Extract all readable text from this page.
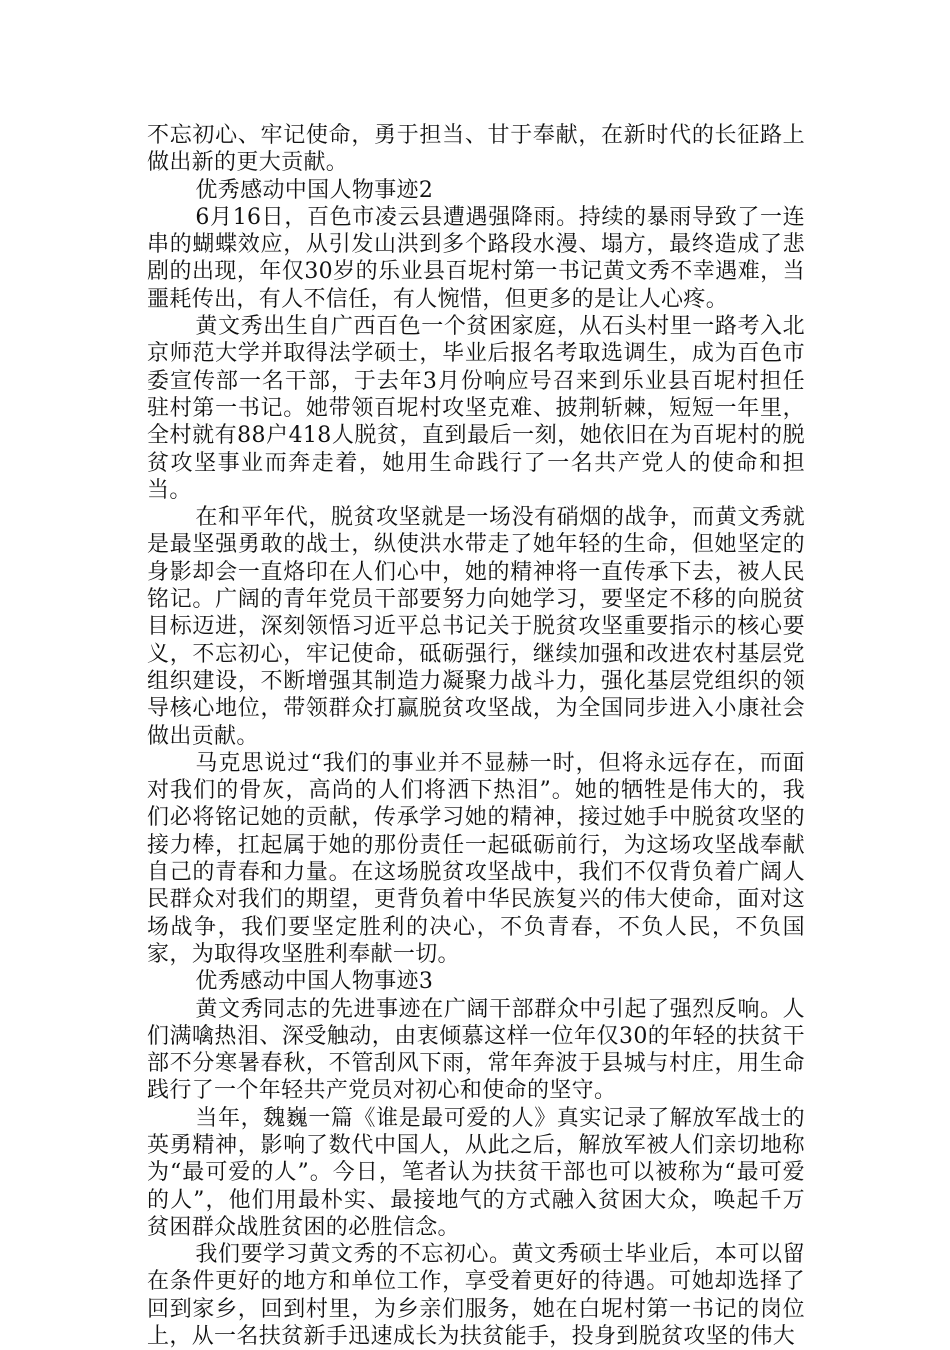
不忘初心、牢记使命，勇于担当、甘于奉献，在新时代的长征路上做出新的更大贡献。

优秀感动中国人物事迹2

6月16日，百色市凌云县遭遇强降雨。持续的暴雨导致了一连串的蝴蝶效应，从引发山洪到多个路段水漫、塌方，最终造成了悲剧的出现，年仅30岁的乐业县百坭村第一书记黄文秀不幸遇难，当噩耗传出，有人不信任，有人惋惜，但更多的是让人心疼。

黄文秀出生自广西百色一个贫困家庭，从石头村里一路考入北京师范大学并取得法学硕士，毕业后报名考取选调生，成为百色市委宣传部一名干部，于去年3月份响应号召来到乐业县百坭村担任驻村第一书记。她带领百坭村攻坚克难、披荆斩棘，短短一年里，全村就有88户418人脱贫，直到最后一刻，她依旧在为百坭村的脱贫攻坚事业而奔走着，她用生命践行了一名共产党人的使命和担当。

在和平年代，脱贫攻坚就是一场没有硝烟的战争，而黄文秀就是最坚强勇敢的战士，纵使洪水带走了她年轻的生命，但她坚定的身影却会一直烙印在人们心中，她的精神将一直传承下去，被人民铭记。广阔的青年党员干部要努力向她学习，要坚定不移的向脱贫目标迈进，深刻领悟习近平总书记关于脱贫攻坚重要指示的核心要义，不忘初心，牢记使命，砥砺强行，继续加强和改进农村基层党组织建设，不断增强其制造力凝聚力战斗力，强化基层党组织的领导核心地位，带领群众打赢脱贫攻坚战，为全国同步进入小康社会做出贡献。

马克思说过“我们的事业并不显赫一时，但将永远存在，而面对我们的骨灰，高尚的人们将洒下热泪”。她的牺牲是伟大的，我们必将铭记她的贡献，传承学习她的精神，接过她手中脱贫攻坚的接力棒，扛起属于她的那份责任一起砥砺前行，为这场攻坚战奉献自己的青春和力量。在这场脱贫攻坚战中，我们不仅背负着广阔人民群众对我们的期望，更背负着中华民族复兴的伟大使命，面对这场战争，我们要坚定胜利的决心，不负青春，不负人民，不负国家，为取得攻坚胜利奉献一切。

优秀感动中国人物事迹3

黄文秀同志的先进事迹在广阔干部群众中引起了强烈反响。人们满噙热泪、深受触动，由衷倾慕这样一位年仅30的年轻的扶贫干部不分寒暑春秋，不管刮风下雨，常年奔波于县城与村庄，用生命践行了一个年轻共产党员对初心和使命的坚守。

当年，魏巍一篇《谁是最可爱的人》真实记录了解放军战士的英勇精神，影响了数代中国人，从此之后，解放军被人们亲切地称为“最可爱的人”。今日，笔者认为扶贫干部也可以被称为“最可爱的人”，他们用最朴实、最接地气的方式融入贫困大众，唤起千万贫困群众战胜贫困的必胜信念。

我们要学习黄文秀的不忘初心。黄文秀硕士毕业后，本可以留在条件更好的地方和单位工作，享受着更好的待遇。可她却选择了回到家乡，回到村里，为乡亲们服务，她在白坭村第一书记的岗位上，从一名扶贫新手迅速成长为扶贫能手，投身到脱贫攻坚的伟大
